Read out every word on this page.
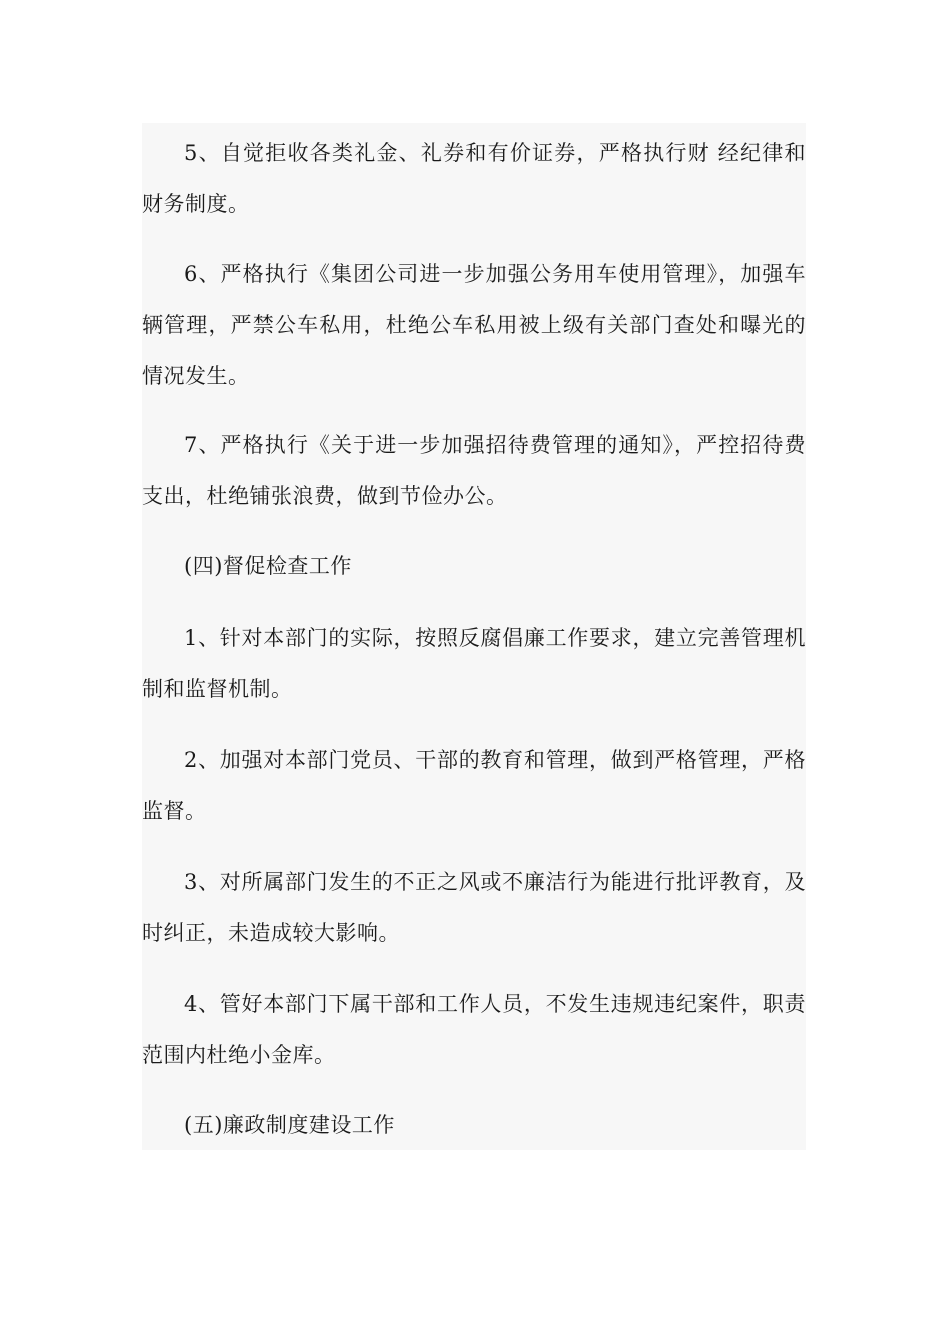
5、自觉拒收各类礼金、礼券和有价证券，严格执行财 经纪律和财务制度。

6、严格执行《集团公司进一步加强公务用车使用管理》，加强车辆管理，严禁公车私用，杜绝公车私用被上级有关部门查处和曝光的情况发生。

7、严格执行《关于进一步加强招待费管理的通知》，严控招待费支出，杜绝铺张浪费，做到节俭办公。

(四)督促检查工作

1、针对本部门的实际，按照反腐倡廉工作要求，建立完善管理机制和监督机制。

2、加强对本部门党员、干部的教育和管理，做到严格管理，严格监督。

3、对所属部门发生的不正之风或不廉洁行为能进行批评教育，及时纠正，未造成较大影响。

4、管好本部门下属干部和工作人员，不发生违规违纪案件，职责范围内杜绝小金库。

(五)廉政制度建设工作
